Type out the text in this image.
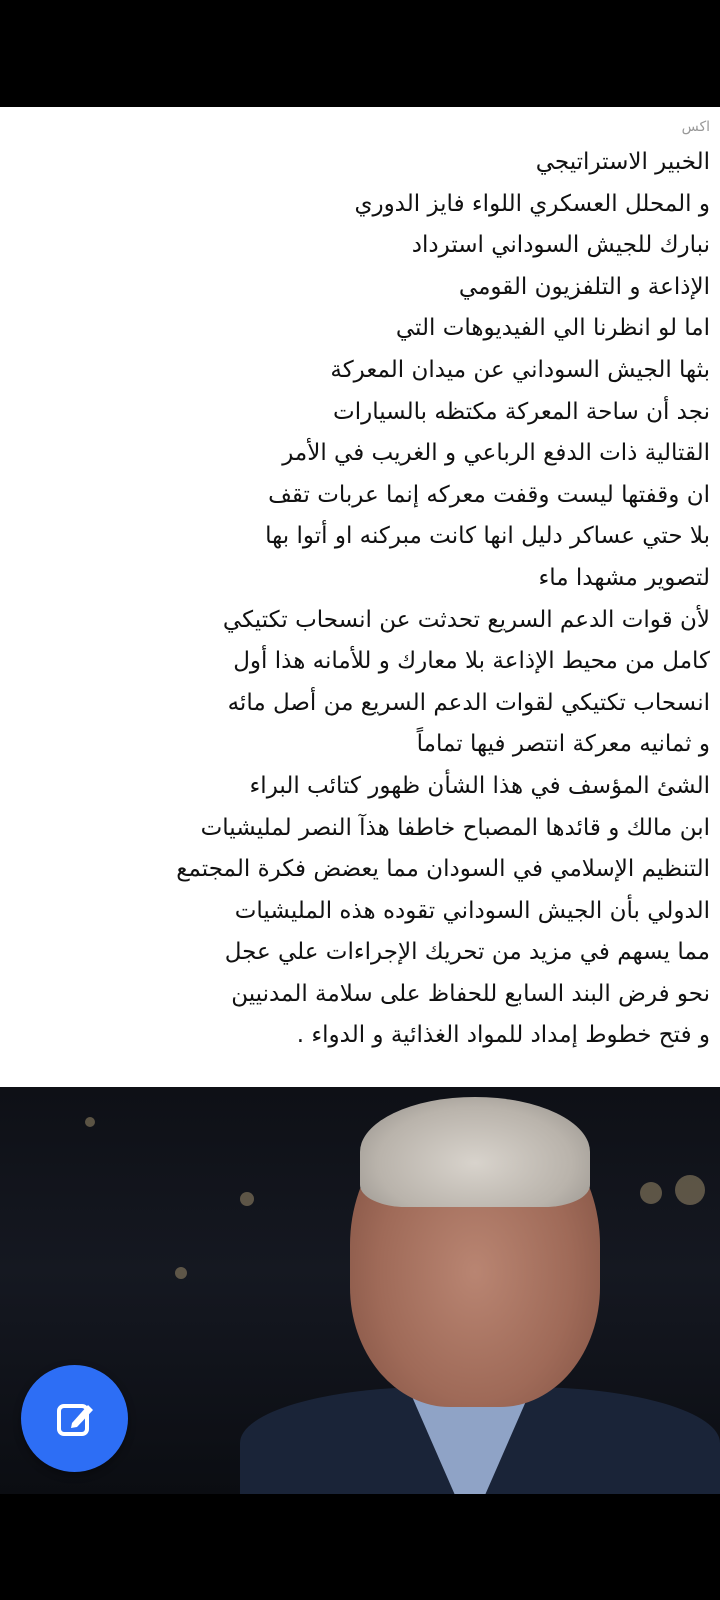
اكس
الخبير الاستراتيجي
و المحلل العسكري اللواء فايز الدوري
نبارك للجيش السوداني استرداد
الإذاعة و التلفزيون القومي
اما لو انظرنا الي الفيديوهات التي
بثها الجيش السوداني عن ميدان المعركة
نجد أن ساحة المعركة مكتظه بالسيارات
القتالية ذات الدفع الرباعي و الغريب في الأمر
ان وقفتها ليست وقفت معركه إنما عربات تقف
بلا حتي عساكر دليل انها كانت مبركنه او أتوا بها
لتصوير مشهدا ماء
لأن قوات الدعم السريع تحدثت عن انسحاب تكتيكي
كامل من محيط الإذاعة بلا معارك و للأمانه هذا أول
انسحاب تكتيكي لقوات الدعم السريع من أصل مائه
و ثمانيه معركة انتصر فيها تماماً
الشئ المؤسف في هذا الشأن ظهور كتائب البراء
ابن مالك و قائدها المصباح خاطفا هذآ النصر لمليشيات
التنظيم الإسلامي في السودان مما يعضض فكرة المجتمع
الدولي بأن الجيش السوداني تقوده هذه المليشيات
مما يسهم في مزيد من تحريك الإجراءات علي عجل
نحو فرض البند السابع للحفاظ على سلامة المدنيين
و فتح خطوط إمداد للمواد الغذائية و الدواء .
